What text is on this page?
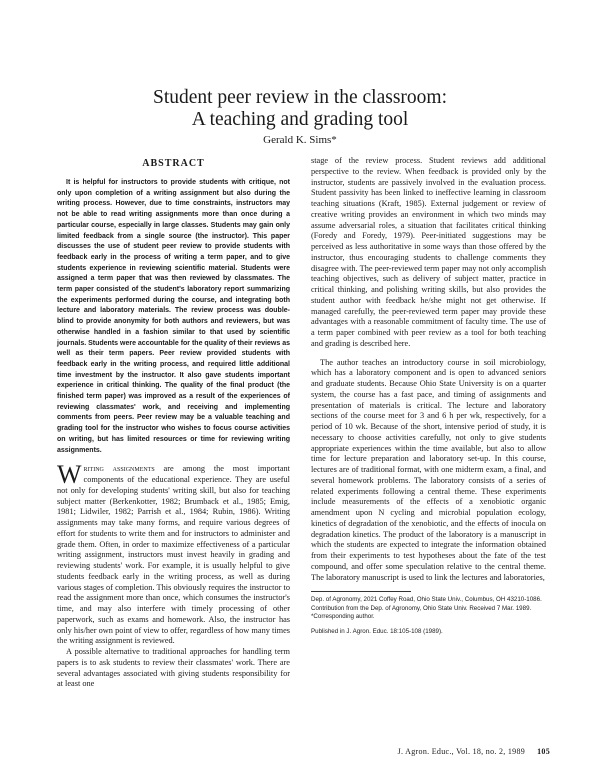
Student peer review in the classroom:
A teaching and grading tool
Gerald K. Sims*
ABSTRACT

It is helpful for instructors to provide students with critique, not only upon completion of a writing assignment but also during the writing process. However, due to time constraints, instructors may not be able to read writing assignments more than once during a particular course, especially in large classes. Students may gain only limited feedback from a single source (the instructor). This paper discusses the use of student peer review to provide students with feedback early in the process of writing a term paper, and to give students experience in reviewing scientific material. Students were assigned a term paper that was then reviewed by classmates. The term paper consisted of the student's laboratory report summarizing the experiments performed during the course, and integrating both lecture and laboratory materials. The review process was double-blind to provide anonymity for both authors and reviewers, but was otherwise handled in a fashion similar to that used by scientific journals. Students were accountable for the quality of their reviews as well as their term papers. Peer review provided students with feedback early in the writing process, and required little additional time investment by the instructor. It also gave students important experience in critical thinking. The quality of the final product (the finished term paper) was improved as a result of the experiences of reviewing classmates' work, and receiving and implementing comments from peers. Peer review may be a valuable teaching and grading tool for the instructor who wishes to focus course activities on writing, but has limited resources or time for reviewing writing assignments.

Writing assignments are among the most important components of the educational experience. They are useful not only for developing students' writing skill, but also for teaching subject matter (Berkenkotter, 1982; Brumback et al., 1985; Emig, 1981; Lidwiler, 1982; Parrish et al., 1984; Rubin, 1986). Writing assignments may take many forms, and require various degrees of effort for students to write them and for instructors to administer and grade them. Often, in order to maximize effectiveness of a particular writing assignment, instructors must invest heavily in grading and reviewing students' work. For example, it is usually helpful to give students feedback early in the writing process, as well as during various stages of completion. This obviously requires the instructor to read the assignment more than once, which consumes the instructor's time, and may also interfere with timely processing of other paperwork, such as exams and homework. Also, the instructor has only his/her own point of view to offer, regardless of how many times the writing assignment is reviewed.

A possible alternative to traditional approaches for handling term papers is to ask students to review their classmates' work. There are several advantages associated with giving students responsibility for at least one

stage of the review process. Student reviews add additional perspective to the review. When feedback is provided only by the instructor, students are passively involved in the evaluation process. Student passivity has been linked to ineffective learning in classroom teaching situations (Kraft, 1985). External judgement or review of creative writing provides an environment in which two minds may assume adversarial roles, a situation that facilitates critical thinking (Foredy and Foredy, 1979). Peer-initiated suggestions may be perceived as less authoritative in some ways than those offered by the instructor, thus encouraging students to challenge comments they disagree with. The peer-reviewed term paper may not only accomplish teaching objectives, such as delivery of subject matter, practice in critical thinking, and polishing writing skills, but also provides the student author with feedback he/she might not get otherwise. If managed carefully, the peer-reviewed term paper may provide these advantages with a reasonable commitment of faculty time. The use of a term paper combined with peer review as a tool for both teaching and grading is described here.

The author teaches an introductory course in soil microbiology, which has a laboratory component and is open to advanced seniors and graduate students. Because Ohio State University is on a quarter system, the course has a fast pace, and timing of assignments and presentation of materials is critical. The lecture and laboratory sections of the course meet for 3 and 6 h per wk, respectively, for a period of 10 wk. Because of the short, intensive period of study, it is necessary to choose activities carefully, not only to give students appropriate experiences within the time available, but also to allow time for lecture preparation and laboratory set-up. In this course, lectures are of traditional format, with one midterm exam, a final, and several homework problems. The laboratory consists of a series of related experiments following a central theme. These experiments include measurements of the effects of a xenobiotic organic amendment upon N cycling and microbial population ecology, kinetics of degradation of the xenobiotic, and the effects of inocula on degradation kinetics. The product of the laboratory is a manuscript in which the students are expected to integrate the information obtained from their experiments to test hypotheses about the fate of the test compound, and offer some speculation relative to the central theme. The laboratory manuscript is used to link the lectures and laboratories,

Dep. of Agronomy, 2021 Coffey Road, Ohio State Univ., Columbus, OH 43210-1086. Contribution from the Dep. of Agronomy, Ohio State Univ. Received 7 Mar. 1989. *Corresponding author.

Published in J. Agron. Educ. 18:105-108 (1989).

J. Agron. Educ., Vol. 18, no. 2, 1989 105
